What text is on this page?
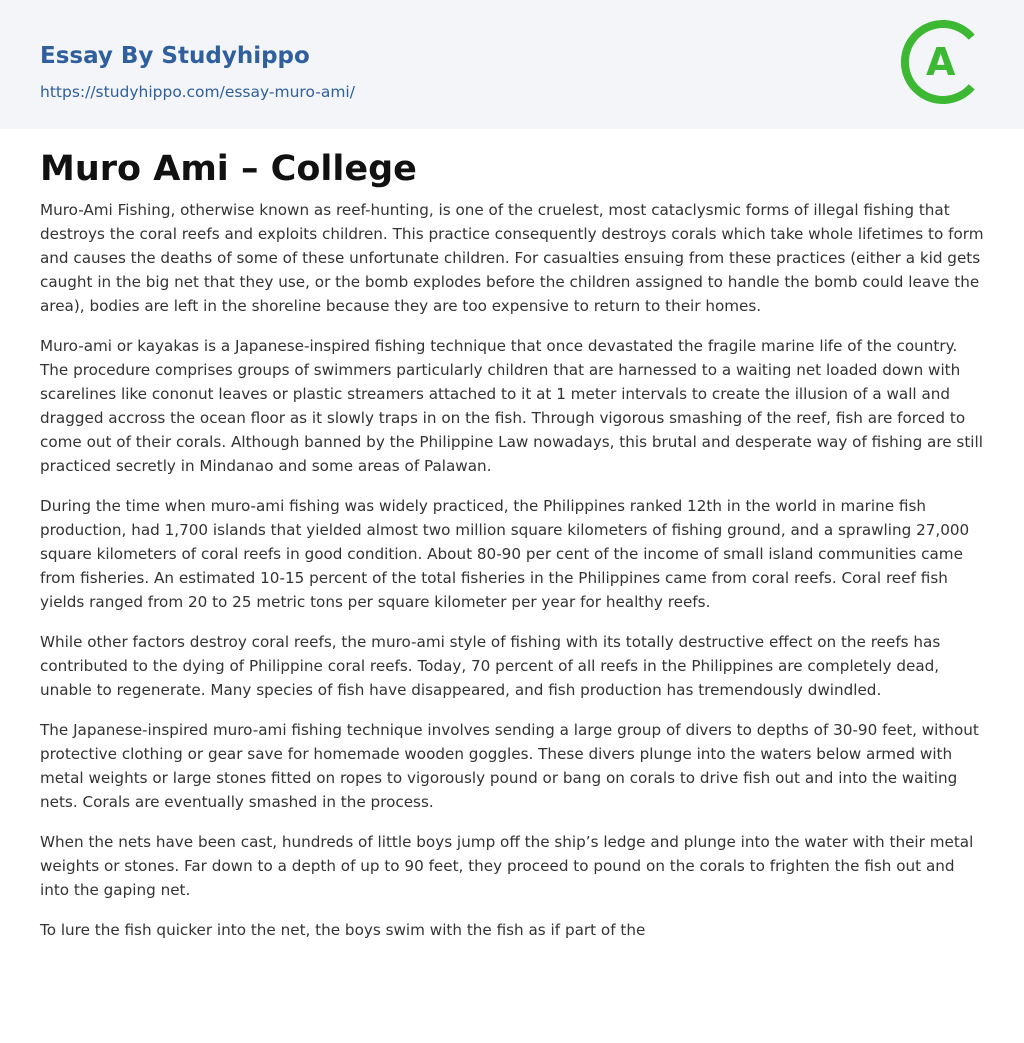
Essay By Studyhippo
https://studyhippo.com/essay-muro-ami/
A
Muro Ami – College

Muro-Ami Fishing, otherwise known as reef-hunting, is one of the cruelest, most cataclysmic forms of illegal fishing that destroys the coral reefs and exploits children. This practice consequently destroys corals which take whole lifetimes to form and causes the deaths of some of these unfortunate children. For casualties ensuing from these practices (either a kid gets caught in the big net that they use, or the bomb explodes before the children assigned to handle the bomb could leave the area), bodies are left in the shoreline because they are too expensive to return to their homes.

Muro-ami or kayakas is a Japanese-inspired fishing technique that once devastated the fragile marine life of the country. The procedure comprises groups of swimmers particularly children that are harnessed to a waiting net loaded down with scarelines like cononut leaves or plastic streamers attached to it at 1 meter intervals to create the illusion of a wall and dragged accross the ocean floor as it slowly traps in on the fish. Through vigorous smashing of the reef, fish are forced to come out of their corals. Although banned by the Philippine Law nowadays, this brutal and desperate way of fishing are still practiced secretly in Mindanao and some areas of Palawan.

During the time when muro-ami fishing was widely practiced, the Philippines ranked 12th in the world in marine fish production, had 1,700 islands that yielded almost two million square kilometers of fishing ground, and a sprawling 27,000 square kilometers of coral reefs in good condition. About 80-90 per cent of the income of small island communities came from fisheries. An estimated 10-15 percent of the total fisheries in the Philippines came from coral reefs. Coral reef fish yields ranged from 20 to 25 metric tons per square kilometer per year for healthy reefs.

While other factors destroy coral reefs, the muro-ami style of fishing with its totally destructive effect on the reefs has contributed to the dying of Philippine coral reefs. Today, 70 percent of all reefs in the Philippines are completely dead, unable to regenerate. Many species of fish have disappeared, and fish production has tremendously dwindled.

The Japanese-inspired muro-ami fishing technique involves sending a large group of divers to depths of 30-90 feet, without protective clothing or gear save for homemade wooden goggles. These divers plunge into the waters below armed with metal weights or large stones fitted on ropes to vigorously pound or bang on corals to drive fish out and into the waiting nets. Corals are eventually smashed in the process.

When the nets have been cast, hundreds of little boys jump off the ship’s ledge and plunge into the water with their metal weights or stones. Far down to a depth of up to 90 feet, they proceed to pound on the corals to frighten the fish out and into the gaping net.

To lure the fish quicker into the net, the boys swim with the fish as if part of the
